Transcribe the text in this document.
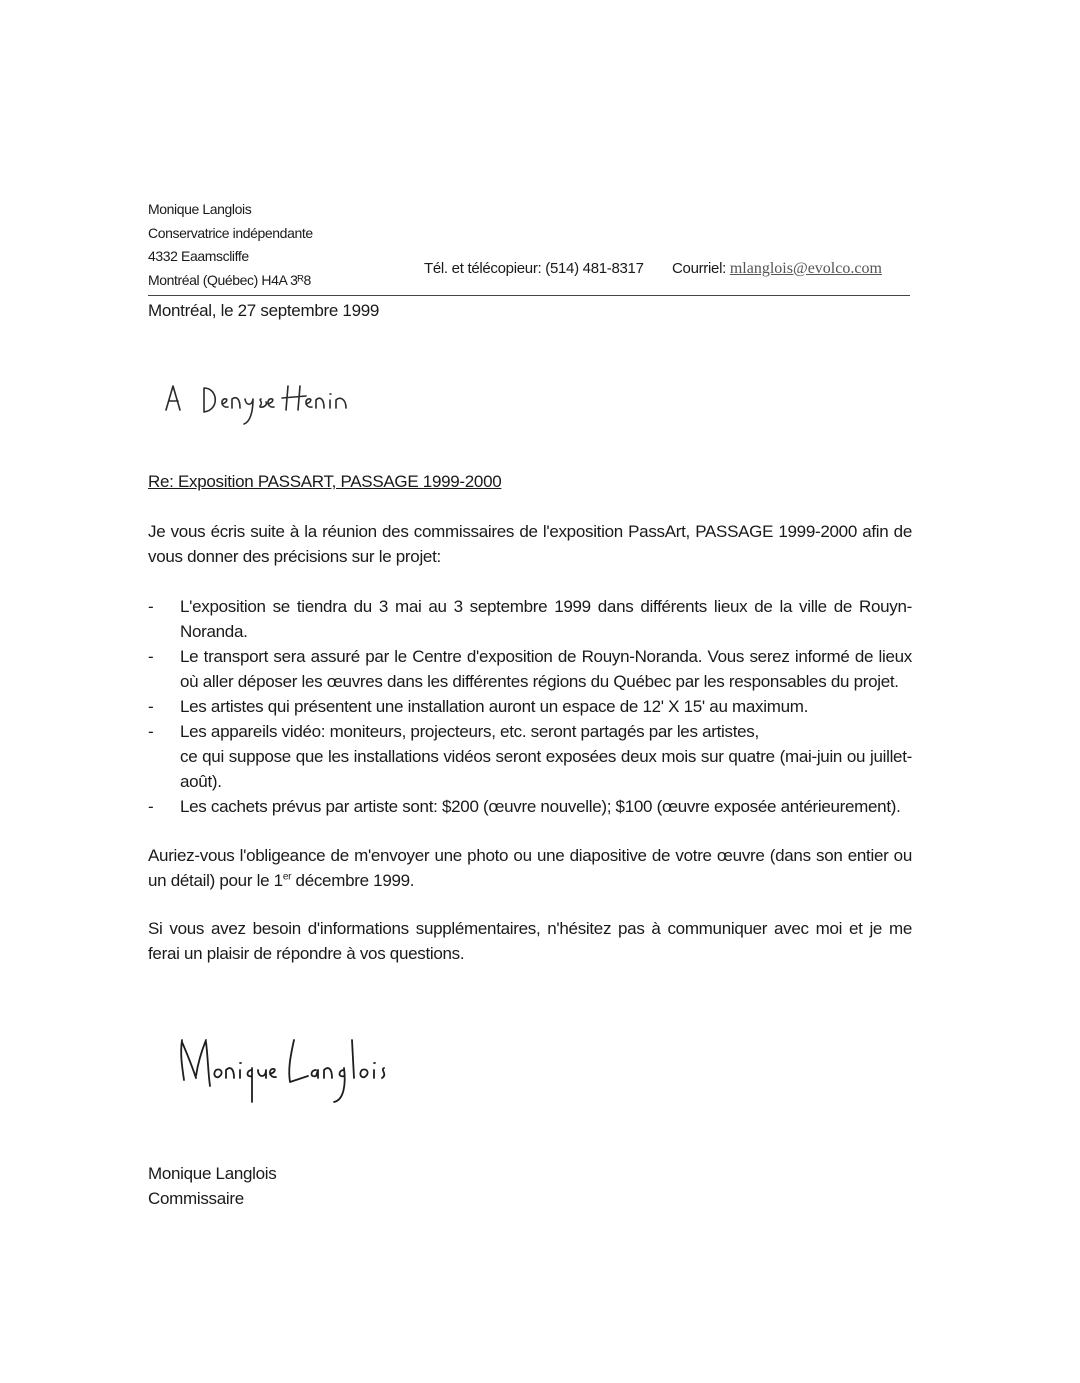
Monique Langlois
Conservatrice indépendante
4332 Eaamscliffe
Montréal (Québec) H4A 3ᴿ8
Tél. et télécopieur: (514) 481-8317 Courriel: mlanglois@evolco.com
Montréal, le 27 septembre 1999
Re: Exposition PASSART, PASSAGE 1999-2000

Je vous écris suite à la réunion des commissaires de l'exposition PassArt, PASSAGE 1999-2000 afin de vous donner des précisions sur le projet:

- L'exposition se tiendra du 3 mai au 3 septembre 1999 dans différents lieux de la ville de Rouyn-Noranda.
- Le transport sera assuré par le Centre d'exposition de Rouyn-Noranda. Vous serez informé de lieux où aller déposer les œuvres dans les différentes régions du Québec par les responsables du projet.
- Les artistes qui présentent une installation auront un espace de 12' X 15' au maximum.
- Les appareils vidéo: moniteurs, projecteurs, etc. seront partagés par les artistes,
ce qui suppose que les installations vidéos seront exposées deux mois sur quatre (mai-juin ou juillet-août).
- Les cachets prévus par artiste sont: $200 (œuvre nouvelle); $100 (œuvre exposée antérieurement).

Auriez-vous l'obligeance de m'envoyer une photo ou une diapositive de votre œuvre (dans son entier ou un détail) pour le 1er décembre 1999.

Si vous avez besoin d'informations supplémentaires, n'hésitez pas à communiquer avec moi et je me ferai un plaisir de répondre à vos questions.

Monique Langlois
Commissaire
